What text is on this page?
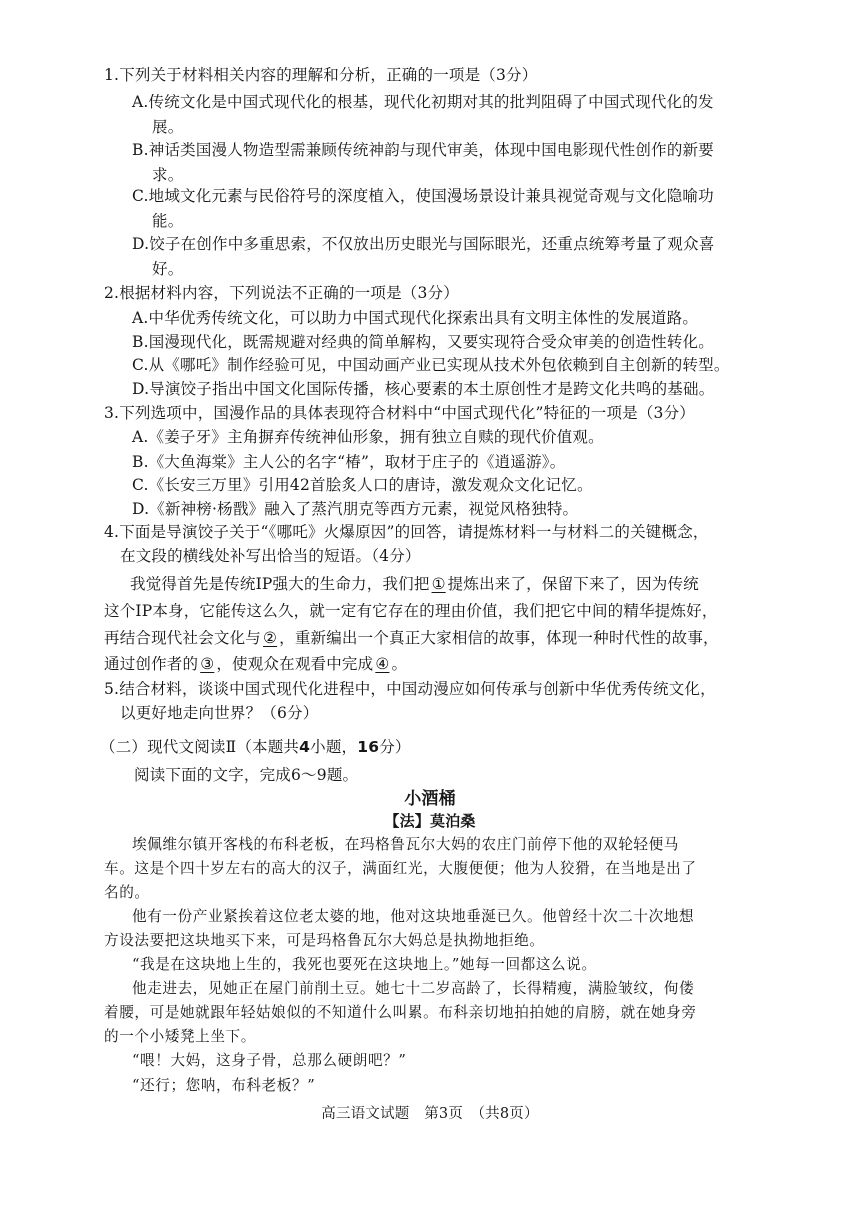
1.下列关于材料相关内容的理解和分析，正确的一项是（3分）
A.传统文化是中国式现代化的根基，现代化初期对其的批判阻碍了中国式现代化的发
展。
B.神话类国漫人物造型需兼顾传统神韵与现代审美，体现中国电影现代性创作的新要
求。
C.地域文化元素与民俗符号的深度植入，使国漫场景设计兼具视觉奇观与文化隐喻功
能。
D.饺子在创作中多重思索，不仅放出历史眼光与国际眼光，还重点统筹考量了观众喜
好。
2.根据材料内容，下列说法不正确的一项是（3分）
A.中华优秀传统文化，可以助力中国式现代化探索出具有文明主体性的发展道路。
B.国漫现代化，既需规避对经典的简单解构，又要实现符合受众审美的创造性转化。
C.从《哪吒》制作经验可见，中国动画产业已实现从技术外包依赖到自主创新的转型。
D.导演饺子指出中国文化国际传播，核心要素的本土原创性才是跨文化共鸣的基础。
3.下列选项中，国漫作品的具体表现符合材料中“中国式现代化”特征的一项是（3分）
A.《姜子牙》主角摒弃传统神仙形象，拥有独立自赎的现代价值观。
B.《大鱼海棠》主人公的名字“椿”，取材于庄子的《逍遥游》。
C.《长安三万里》引用42首脍炙人口的唐诗，激发观众文化记忆。
D.《新神榜·杨戬》融入了蒸汽朋克等西方元素，视觉风格独特。
4.下面是导演饺子关于“《哪吒》火爆原因”的回答，请提炼材料一与材料二的关键概念，
在文段的横线处补写出恰当的短语。（4分）
我觉得首先是传统IP强大的生命力，我们把 ① 提炼出来了，保留下来了，因为传统
这个IP本身，它能传这么久，就一定有它存在的理由价值，我们把它中间的精华提炼好，
再结合现代社会文化与 ② ，重新编出一个真正大家相信的故事，体现一种时代性的故事，
通过创作者的 ③ ，使观众在观看中完成 ④ 。
5.结合材料，谈谈中国式现代化进程中，中国动漫应如何传承与创新中华优秀传统文化，
以更好地走向世界？（6分）
（二）现代文阅读Ⅱ（本题共4小题，16分）
阅读下面的文字，完成6～9题。
小酒桶
【法】莫泊桑
埃佩维尔镇开客栈的布科老板，在玛格鲁瓦尔大妈的农庄门前停下他的双轮轻便马
车。这是个四十岁左右的高大的汉子，满面红光，大腹便便；他为人狡猾，在当地是出了
名的。
他有一份产业紧挨着这位老太婆的地，他对这块地垂涎已久。他曾经十次二十次地想
方设法要把这块地买下来，可是玛格鲁瓦尔大妈总是执拗地拒绝。
“我是在这块地上生的，我死也要死在这块地上。”她每一回都这么说。
他走进去，见她正在屋门前削土豆。她七十二岁高龄了，长得精瘦，满脸皱纹，佝偻
着腰，可是她就跟年轻姑娘似的不知道什么叫累。布科亲切地拍拍她的肩膀，就在她身旁
的一个小矮凳上坐下。
“喂！大妈，这身子骨，总那么硬朗吧？”
“还行；您呐，布科老板？”
高三语文试题　第3页　（共8页）
